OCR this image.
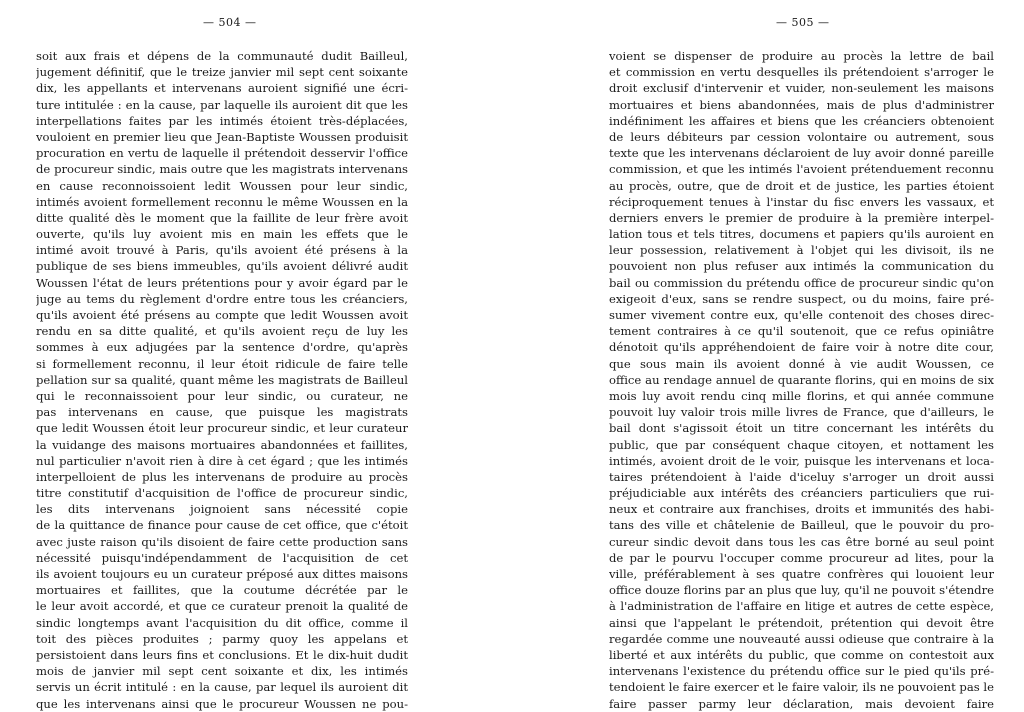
— 504 —
soit aux frais et dépens de la communauté dudit Bailleul,
jugement définitif, que le treize janvier mil sept cent soixante
dix, les appellants et intervenans auroient signifié une écri-
ture intitulée : en la cause, par laquelle ils auroient dit que les
interpellations faites par les intimés étoient très-déplacées,
vouloient en premier lieu que Jean-Baptiste Woussen produisit
procuration en vertu de laquelle il prétendoit desservir l'office
de procureur sindic, mais outre que les magistrats intervenans
en cause reconnoissoient ledit Woussen pour leur sindic,
intimés avoient formellement reconnu le même Woussen en la
ditte qualité dès le moment que la faillite de leur frère avoit
ouverte, qu'ils luy avoient mis en main les effets que le
intimé avoit trouvé à Paris, qu'ils avoient été présens à la
publique de ses biens immeubles, qu'ils avoient délivré audit
Woussen l'état de leurs prétentions pour y avoir égard par le
juge au tems du règlement d'ordre entre tous les créanciers,
qu'ils avoient été présens au compte que ledit Woussen avoit
rendu en sa ditte qualité, et qu'ils avoient reçu de luy les
sommes à eux adjugées par la sentence d'ordre, qu'après
si formellement reconnu, il leur étoit ridicule de faire telle
pellation sur sa qualité, quant même les magistrats de Bailleul
qui le reconnaissoient pour leur sindic, ou curateur, ne
pas intervenans en cause, que puisque les magistrats
que ledit Woussen étoit leur procureur sindic, et leur curateur
la vuidange des maisons mortuaires abandonnées et faillites,
nul particulier n'avoit rien à dire à cet égard ; que les intimés
interpelloient de plus les intervenans de produire au procès
titre constitutif d'acquisition de l'office de procureur sindic,
les dits intervenans joignoient sans nécessité copie
de la quittance de finance pour cause de cet office, que c'étoit
avec juste raison qu'ils disoient de faire cette production sans
nécessité puisqu'indépendamment de l'acquisition de cet
ils avoient toujours eu un curateur préposé aux dittes maisons
mortuaires et faillites, que la coutume décrétée par le
le leur avoit accordé, et que ce curateur prenoit la qualité de
sindic longtemps avant l'acquisition du dit office, comme il
toit des pièces produites ; parmy quoy les appelans et
persistoient dans leurs fins et conclusions. Et le dix-huit dudit
mois de janvier mil sept cent soixante et dix, les intimés
servis un écrit intitulé : en la cause, par lequel ils auroient dit
que les intervenans ainsi que le procureur Woussen ne pou-
— 505 —
voient se dispenser de produire au procès la lettre de bail
et commission en vertu desquelles ils prétendoient s'arroger le
droit exclusif d'intervenir et vuider, non-seulement les maisons
mortuaires et biens abandonnées, mais de plus d'administrer
indéfiniment les affaires et biens que les créanciers obtenoient
de leurs débiteurs par cession volontaire ou autrement, sous
texte que les intervenans déclaroient de luy avoir donné pareille
commission, et que les intimés l'avoient prétenduement reconnu
au procès, outre, que de droit et de justice, les parties étoient
réciproquement tenues à l'instar du fisc envers les vassaux, et
derniers envers le premier de produire à la première interpel-
lation tous et tels titres, documens et papiers qu'ils auroient en
leur possession, relativement à l'objet qui les divisoit, ils ne
pouvoient non plus refuser aux intimés la communication du
bail ou commission du prétendu office de procureur sindic qu'on
exigeoit d'eux, sans se rendre suspect, ou du moins, faire pré-
sumer vivement contre eux, qu'elle contenoit des choses direc-
tement contraires à ce qu'il soutenoit, que ce refus opiniâtre
dénotoit qu'ils appréhendoient de faire voir à notre dite cour,
que sous main ils avoient donné à vie audit Woussen, ce
office au rendage annuel de quarante florins, qui en moins de six
mois luy avoit rendu cinq mille florins, et qui année commune
pouvoit luy valoir trois mille livres de France, que d'ailleurs, le
bail dont s'agissoit étoit un titre concernant les intérêts du
public, que par conséquent chaque citoyen, et nottament les
intimés, avoient droit de le voir, puisque les intervenans et loca-
taires prétendoient à l'aide d'iceluy s'arroger un droit aussi
préjudiciable aux intérêts des créanciers particuliers que rui-
neux et contraire aux franchises, droits et immunités des habi-
tans des ville et châtelenie de Bailleul, que le pouvoir du pro-
cureur sindic devoit dans tous les cas être borné au seul point
de par le pourvu l'occuper comme procureur ad lites, pour la
ville, préférablement à ses quatre confrères qui louoient leur
office douze florins par an plus que luy, qu'il ne pouvoit s'étendre
à l'administration de l'affaire en litige et autres de cette espèce,
ainsi que l'appelant le prétendoit, prétention qui devoit être
regardée comme une nouveauté aussi odieuse que contraire à la
liberté et aux intérêts du public, que comme on contestoit aux
intervenans l'existence du prétendu office sur le pied qu'ils pré-
tendoient le faire exercer et le faire valoir, ils ne pouvoient pas le
faire passer parmy leur déclaration, mais devoient faire
